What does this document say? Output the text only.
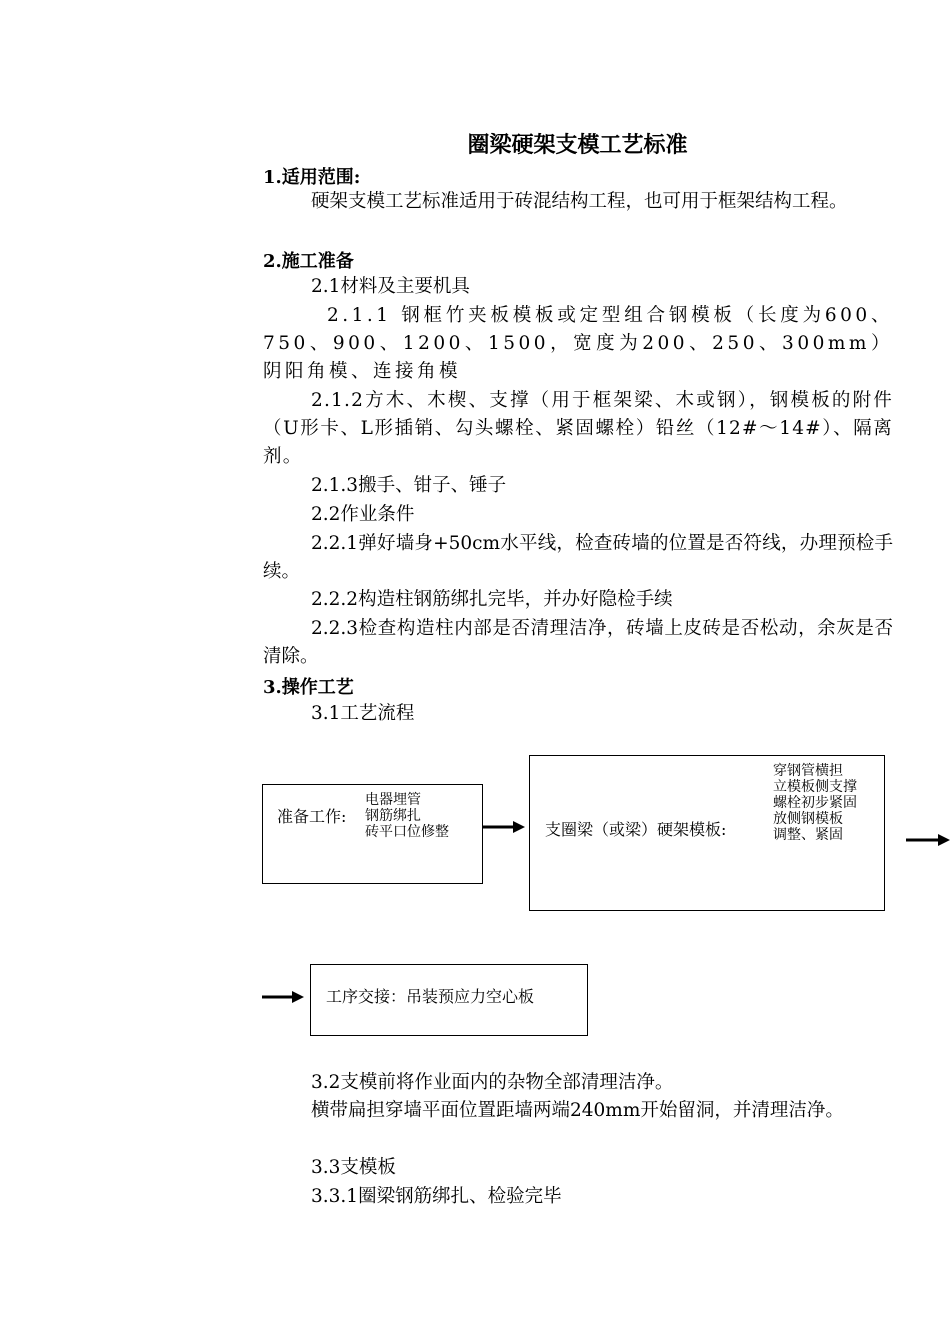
圈梁硬架支模工艺标准
1.适用范围:
硬架支模工艺标准适用于砖混结构工程，也可用于框架结构工程。
2.施工准备
2.1材料及主要机具
2.1.1 钢框竹夹板模板或定型组合钢模板（长度为600、750、900、1200、1500，宽度为200、250、300mm）阴阳角模、连接角模
2.1.2方木、木楔、支撑（用于框架梁、木或钢），钢模板的附件（U形卡、L形插销、勾头螺栓、紧固螺栓）铅丝（12#～14#）、隔离剂。
2.1.3搬手、钳子、锤子
2.2作业条件
2.2.1弹好墙身+50cm水平线，检查砖墙的位置是否符线，办理预检手续。
2.2.2构造柱钢筋绑扎完毕，并办好隐检手续
2.2.3检查构造柱内部是否清理洁净，砖墙上皮砖是否松动，余灰是否清除。
3.操作工艺
3.1工艺流程
准备工作:
电器埋管
钢筋绑扎
砖平口位修整	支圈梁（或梁）硬架模板:
穿钢管横担
立模板侧支撑
螺栓初步紧固
放侧钢模板
调整、紧固
工序交接：吊装预应力空心板
3.2支模前将作业面内的杂物全部清理洁净。
横带扁担穿墙平面位置距墙两端240mm开始留洞，并清理洁净。
3.3支模板
3.3.1圈梁钢筋绑扎、检验完毕
